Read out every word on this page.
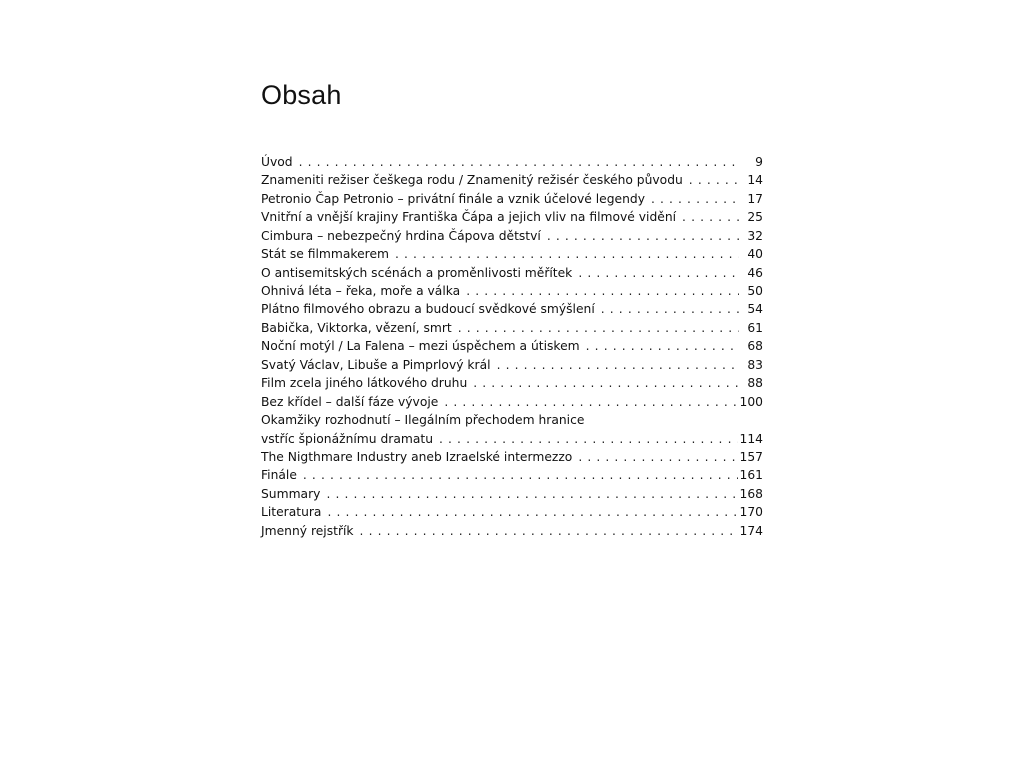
Obsah
Úvod . . .	9
Znameniti režiser češkega rodu / Znamenitý režisér českého původu . . .	14
Petronio Čap Petronio – privátní finále a vznik účelové legendy . . .	17
Vnitřní a vnější krajiny Františka Čápa a jejich vliv na filmové vidění . . .	25
Cimbura – nebezpečný hrdina Čápova dětství . . .	32
Stát se filmmakerem . . .	40
O antisemitských scénách a proměnlivosti měřítek . . .	46
Ohnivá léta – řeka, moře a válka . . .	50
Plátno filmového obrazu a budoucí svědkové smýšlení . . .	54
Babička, Viktorka, vězení, smrt . . .	61
Noční motýl / La Falena – mezi úspěchem a útiskem . . .	68
Svatý Václav, Libuše a Pimprlový král . . .	83
Film zcela jiného látkového druhu . . .	88
Bez křídel – další fáze vývoje . . .	100
Okamžiky rozhodnutí – Ilegálním přechodem hranice
vstříc špionážnímu dramatu . . .	114
The Nigthmare Industry aneb Izraelské intermezzo . . .	157
Finále . . .	161
Summary . . .	168
Literatura . . .	170
Jmenný rejstřík . . .	174
